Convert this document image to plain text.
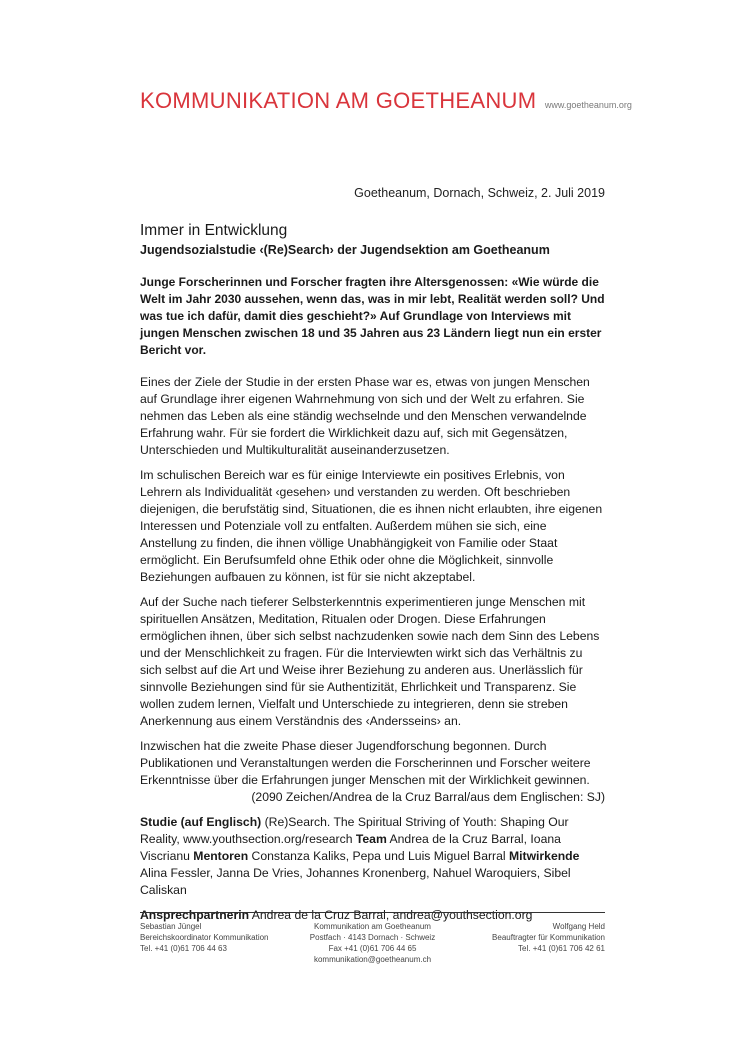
KOMMUNIKATION AM GOETHEANUM www.goetheanum.org
Goetheanum, Dornach, Schweiz, 2. Juli 2019
Immer in Entwicklung
Jugendsozialstudie ‹(Re)Search› der Jugendsektion am Goetheanum
Junge Forscherinnen und Forscher fragten ihre Altersgenossen: «Wie würde die Welt im Jahr 2030 aussehen, wenn das, was in mir lebt, Realität werden soll? Und was tue ich dafür, damit dies geschieht?» Auf Grundlage von Interviews mit jungen Menschen zwischen 18 und 35 Jahren aus 23 Ländern liegt nun ein erster Bericht vor.

Eines der Ziele der Studie in der ersten Phase war es, etwas von jungen Menschen auf Grundlage ihrer eigenen Wahrnehmung von sich und der Welt zu erfahren. Sie nehmen das Leben als eine ständig wechselnde und den Menschen verwandelnde Erfahrung wahr. Für sie fordert die Wirklichkeit dazu auf, sich mit Gegensätzen, Unterschieden und Multikulturalität auseinanderzusetzen.

Im schulischen Bereich war es für einige Interviewte ein positives Erlebnis, von Lehrern als Individualität ‹gesehen› und verstanden zu werden. Oft beschrieben diejenigen, die berufstätig sind, Situationen, die es ihnen nicht erlaubten, ihre eigenen Interessen und Potenziale voll zu entfalten. Außerdem mühen sie sich, eine Anstellung zu finden, die ihnen völlige Unabhängigkeit von Familie oder Staat ermöglicht. Ein Berufsumfeld ohne Ethik oder ohne die Möglichkeit, sinnvolle Beziehungen aufbauen zu können, ist für sie nicht akzeptabel.

Auf der Suche nach tieferer Selbsterkenntnis experimentieren junge Menschen mit spirituellen Ansätzen, Meditation, Ritualen oder Drogen. Diese Erfahrungen ermöglichen ihnen, über sich selbst nachzudenken sowie nach dem Sinn des Lebens und der Menschlichkeit zu fragen. Für die Interviewten wirkt sich das Verhältnis zu sich selbst auf die Art und Weise ihrer Beziehung zu anderen aus. Unerlässlich für sinnvolle Beziehungen sind für sie Authentizität, Ehrlichkeit und Transparenz. Sie wollen zudem lernen, Vielfalt und Unterschiede zu integrieren, denn sie streben Anerkennung aus einem Verständnis des ‹Andersseins› an.

Inzwischen hat die zweite Phase dieser Jugendforschung begonnen. Durch Publikationen und Veranstaltungen werden die Forscherinnen und Forscher weitere Erkenntnisse über die Erfahrungen junger Menschen mit der Wirklichkeit gewinnen.

(2090 Zeichen/Andrea de la Cruz Barral/aus dem Englischen: SJ)

Studie (auf Englisch) (Re)Search. The Spiritual Striving of Youth: Shaping Our Reality, www.youthsection.org/research Team Andrea de la Cruz Barral, Ioana Viscrianu Mentoren Constanza Kaliks, Pepa und Luis Miguel Barral Mitwirkende Alina Fessler, Janna De Vries, Johannes Kronenberg, Nahuel Waroquiers, Sibel Caliskan
Ansprechpartnerin Andrea de la Cruz Barral, andrea@youthsection.org
Sebastian Jüngel
Bereichskoordinator Kommunikation
Tel. +41 (0)61 706 44 63
Kommunikation am Goetheanum
Postfach · 4143 Dornach · Schweiz
Fax +41 (0)61 706 44 65
kommunikation@goetheanum.ch
Wolfgang Held
Beauftragter für Kommunikation
Tel. +41 (0)61 706 42 61
